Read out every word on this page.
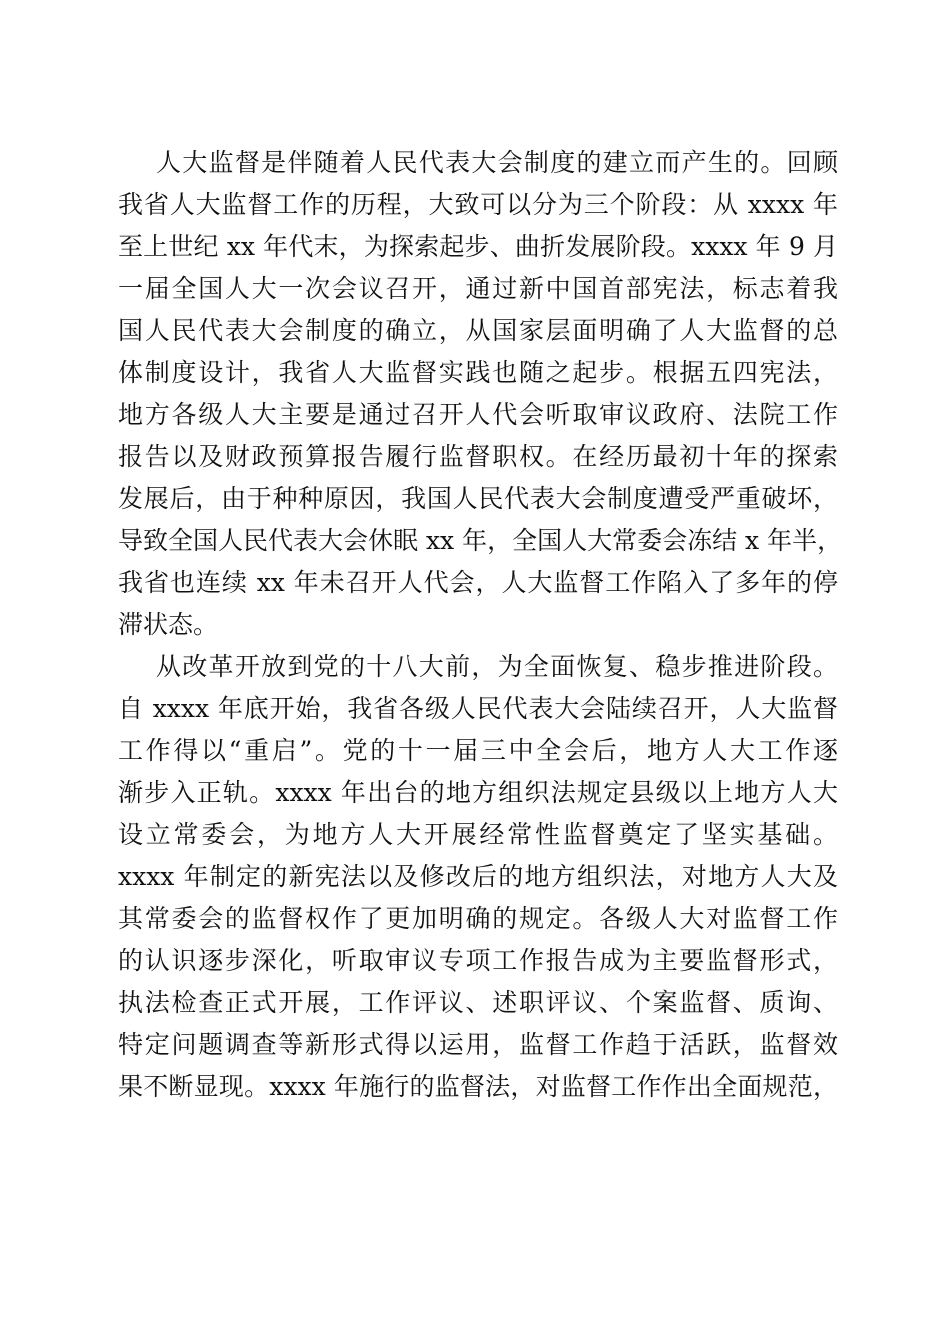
人大监督是伴随着人民代表大会制度的建立而产生的。回顾
我省人大监督工作的历程，大致可以分为三个阶段：从 xxxx 年
至上世纪 xx 年代末，为探索起步、曲折发展阶段。xxxx 年 9 月
一届全国人大一次会议召开，通过新中国首部宪法，标志着我
国人民代表大会制度的确立，从国家层面明确了人大监督的总
体制度设计，我省人大监督实践也随之起步。根据五四宪法，
地方各级人大主要是通过召开人代会听取审议政府、法院工作
报告以及财政预算报告履行监督职权。在经历最初十年的探索
发展后，由于种种原因，我国人民代表大会制度遭受严重破坏，
导致全国人民代表大会休眠 xx 年，全国人大常委会冻结 x 年半，
我省也连续 xx 年未召开人代会，人大监督工作陷入了多年的停
滞状态。
从改革开放到党的十八大前，为全面恢复、稳步推进阶段。
自 xxxx 年底开始，我省各级人民代表大会陆续召开，人大监督
工作得以“重启”。党的十一届三中全会后，地方人大工作逐
渐步入正轨。xxxx 年出台的地方组织法规定县级以上地方人大
设立常委会，为地方人大开展经常性监督奠定了坚实基础。
xxxx 年制定的新宪法以及修改后的地方组织法，对地方人大及
其常委会的监督权作了更加明确的规定。各级人大对监督工作
的认识逐步深化，听取审议专项工作报告成为主要监督形式，
执法检查正式开展，工作评议、述职评议、个案监督、质询、
特定问题调查等新形式得以运用，监督工作趋于活跃，监督效
果不断显现。xxxx 年施行的监督法，对监督工作作出全面规范，
